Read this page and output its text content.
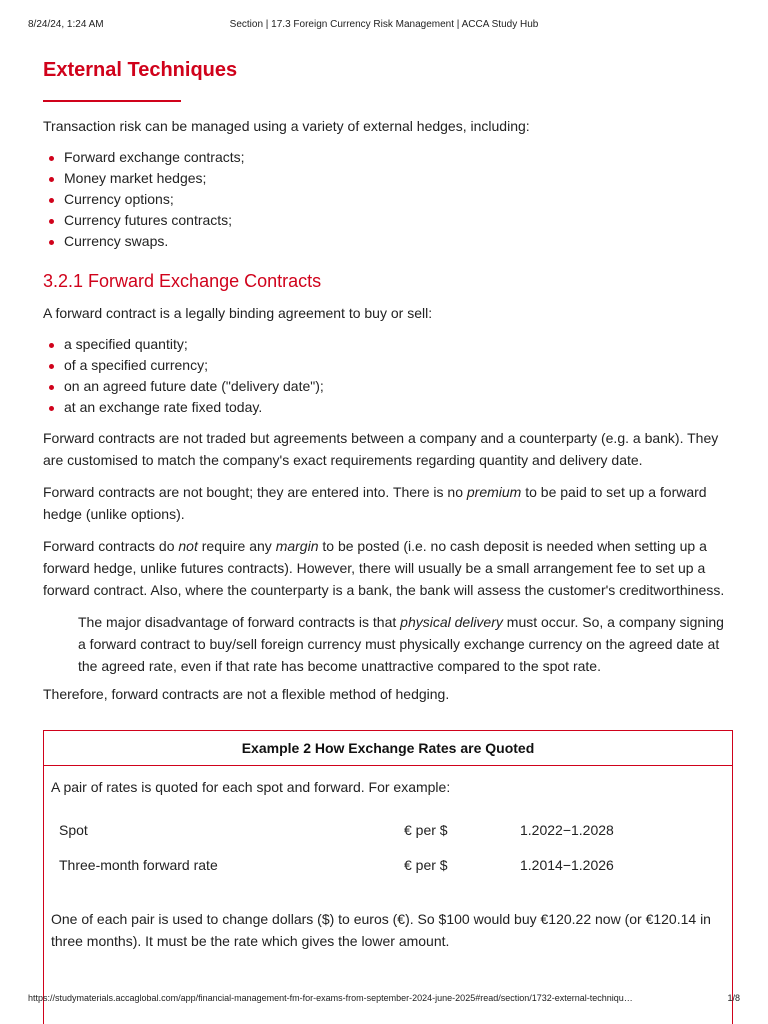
8/24/24, 1:24 AM	Section | 17.3 Foreign Currency Risk Management | ACCA Study Hub
External Techniques

Transaction risk can be managed using a variety of external hedges, including:

Forward exchange contracts;
Money market hedges;
Currency options;
Currency futures contracts;
Currency swaps.
3.2.1 Forward Exchange Contracts

A forward contract is a legally binding agreement to buy or sell:

a specified quantity;
of a specified currency;
on an agreed future date ("delivery date");
at an exchange rate fixed today.

Forward contracts are not traded but agreements between a company and a counterparty (e.g. a bank). They are customised to match the company's exact requirements regarding quantity and delivery date.

Forward contracts are not bought; they are entered into. There is no premium to be paid to set up a forward hedge (unlike options).

Forward contracts do not require any margin to be posted (i.e. no cash deposit is needed when setting up a forward hedge, unlike futures contracts). However, there will usually be a small arrangement fee to set up a forward contract. Also, where the counterparty is a bank, the bank will assess the customer's creditworthiness.

The major disadvantage of forward contracts is that physical delivery must occur. So, a company signing a forward contract to buy/sell foreign currency must physically exchange currency on the agreed date at the agreed rate, even if that rate has become unattractive compared to the spot rate.

Therefore, forward contracts are not a flexible method of hedging.

Example 2 How Exchange Rates are Quoted

A pair of rates is quoted for each spot and forward. For example:

Spot	€ per $	1.2022−1.2028
Three-month forward rate	€ per $	1.2014−1.2026

One of each pair is used to change dollars ($) to euros (€). So $100 would buy €120.22 now (or €120.14 in three months). It must be the rate which gives the lower amount.

https://studymaterials.accaglobal.com/app/financial-management-fm-for-exams-from-september-2024-june-2025#read/section/1732-external-techniqu…	1/8
